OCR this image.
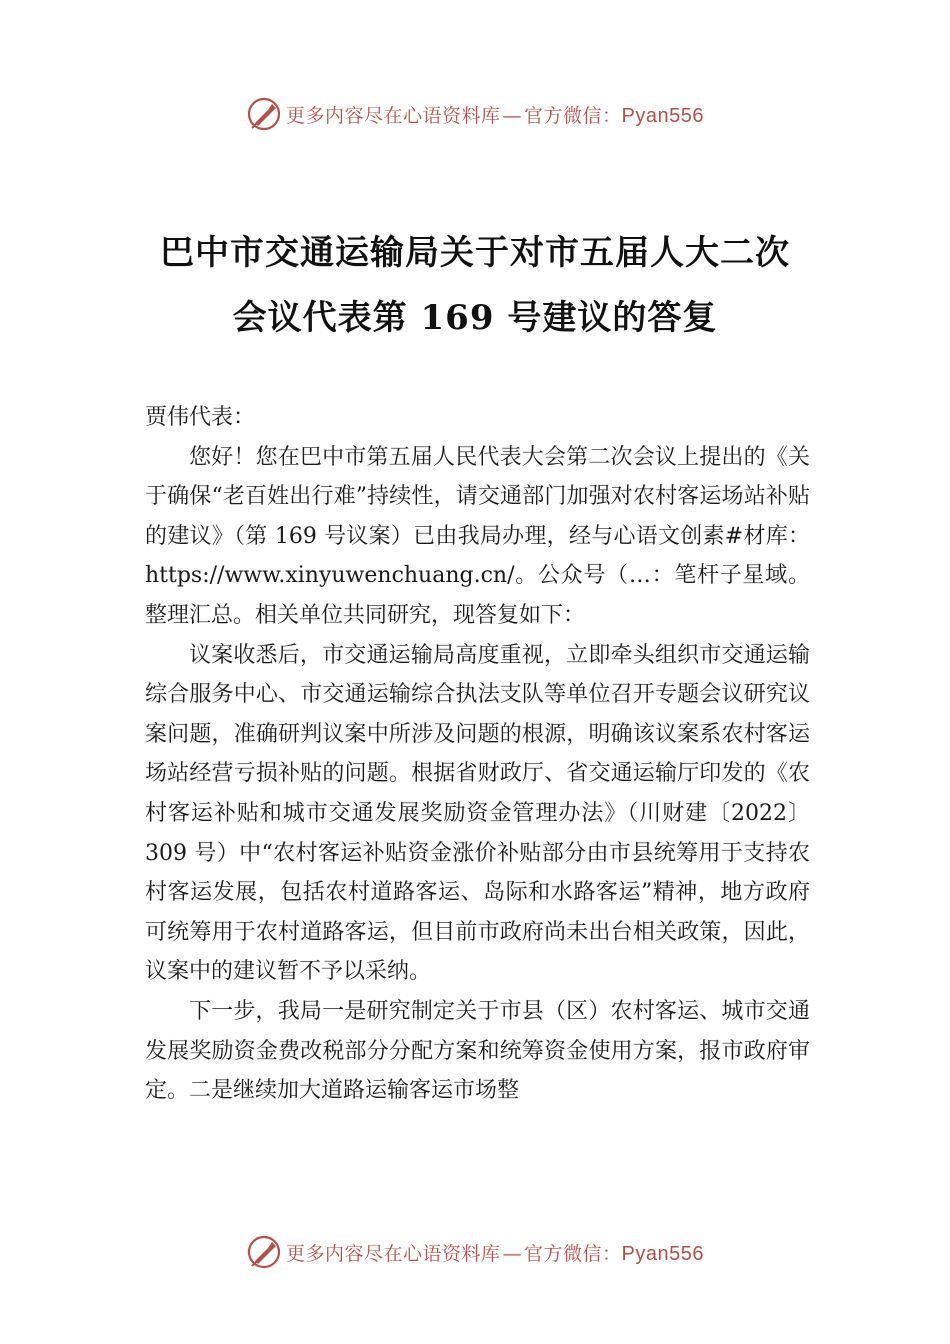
更多内容尽在心语资料库 — 官方微信：Pyan556
巴中市交通运输局关于对市五届人大二次
会议代表第 169 号建议的答复

贾伟代表：

您好！您在巴中市第五届人民代表大会第二次会议上提出的《关于确保“老百姓出行难”持续性，请交通部门加强对农村客运场站补贴的建议》（第 169 号议案）已由我局办理，经与心语文创素#材库：https://www.xinyuwenchuang.cn/。公众号（…：笔杆子星域。整理汇总。相关单位共同研究，现答复如下：

议案收悉后，市交通运输局高度重视，立即牵头组织市交通运输综合服务中心、市交通运输综合执法支队等单位召开专题会议研究议案问题，准确研判议案中所涉及问题的根源，明确该议案系农村客运场站经营亏损补贴的问题。根据省财政厅、省交通运输厅印发的《农村客运补贴和城市交通发展奖励资金管理办法》（川财建〔2022〕309 号）中“农村客运补贴资金涨价补贴部分由市县统筹用于支持农村客运发展，包括农村道路客运、岛际和水路客运”精神，地方政府可统筹用于农村道路客运，但目前市政府尚未出台相关政策，因此，议案中的建议暂不予以采纳。

下一步，我局一是研究制定关于市县（区）农村客运、城市交通发展奖励资金费改税部分分配方案和统筹资金使用方案，报市政府审定。二是继续加大道路运输客运市场整

更多内容尽在心语资料库 — 官方微信：Pyan556
